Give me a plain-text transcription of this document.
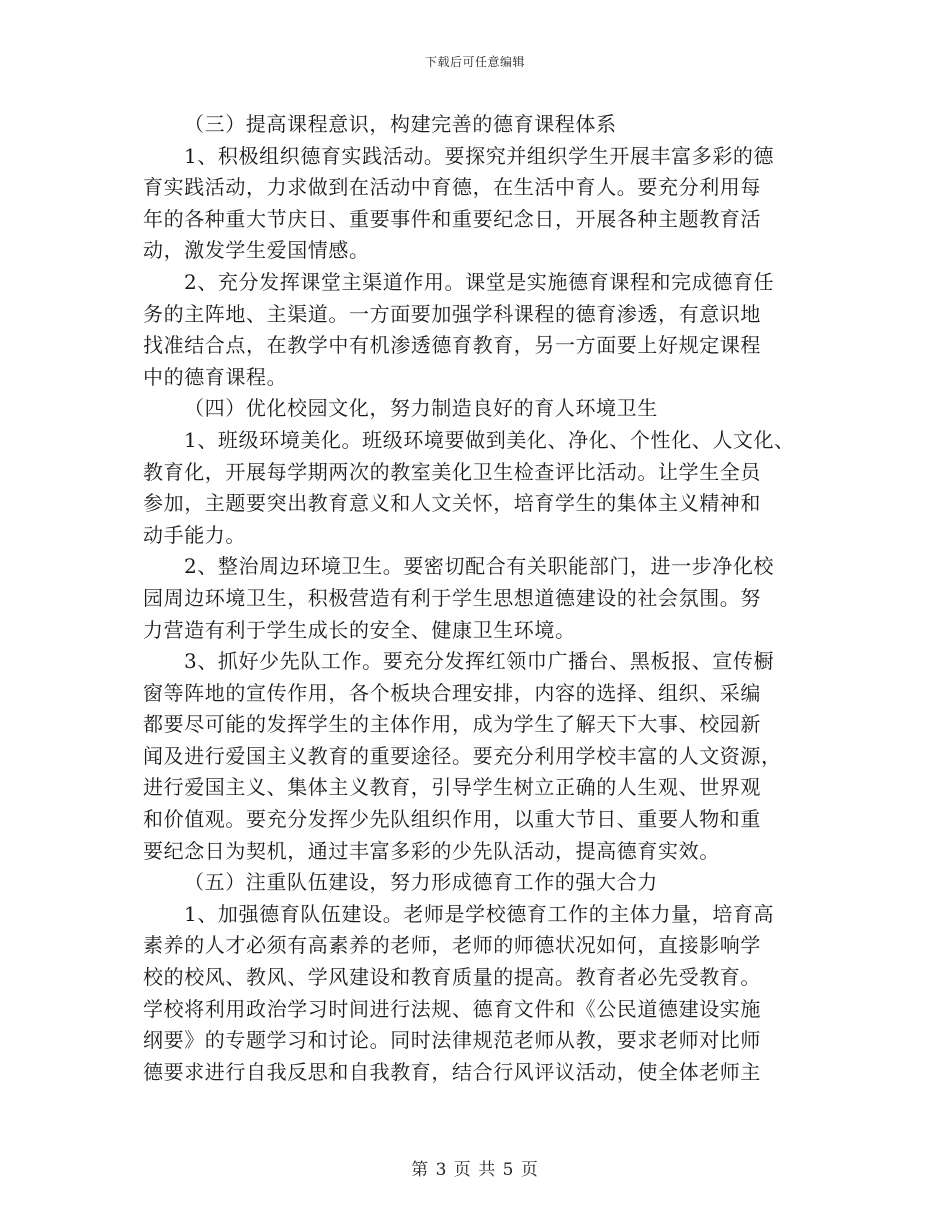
下载后可任意编辑
（三）提高课程意识，构建完善的德育课程体系
1、积极组织德育实践活动。要探究并组织学生开展丰富多彩的德
育实践活动，力求做到在活动中育德，在生活中育人。要充分利用每
年的各种重大节庆日、重要事件和重要纪念日，开展各种主题教育活
动，激发学生爱国情感。
2、充分发挥课堂主渠道作用。课堂是实施德育课程和完成德育任
务的主阵地、主渠道。一方面要加强学科课程的德育渗透，有意识地
找准结合点，在教学中有机渗透德育教育，另一方面要上好规定课程
中的德育课程。
（四）优化校园文化，努力制造良好的育人环境卫生
1、班级环境美化。班级环境要做到美化、净化、个性化、人文化、
教育化，开展每学期两次的教室美化卫生检查评比活动。让学生全员
参加，主题要突出教育意义和人文关怀，培育学生的集体主义精神和
动手能力。
2、整治周边环境卫生。要密切配合有关职能部门，进一步净化校
园周边环境卫生，积极营造有利于学生思想道德建设的社会氛围。努
力营造有利于学生成长的安全、健康卫生环境。
3、抓好少先队工作。要充分发挥红领巾广播台、黑板报、宣传橱
窗等阵地的宣传作用，各个板块合理安排，内容的选择、组织、采编
都要尽可能的发挥学生的主体作用，成为学生了解天下大事、校园新
闻及进行爱国主义教育的重要途径。要充分利用学校丰富的人文资源，
进行爱国主义、集体主义教育，引导学生树立正确的人生观、世界观
和价值观。要充分发挥少先队组织作用，以重大节日、重要人物和重
要纪念日为契机，通过丰富多彩的少先队活动，提高德育实效。
（五）注重队伍建设，努力形成德育工作的强大合力
1、加强德育队伍建设。老师是学校德育工作的主体力量，培育高
素养的人才必须有高素养的老师，老师的师德状况如何，直接影响学
校的校风、教风、学风建设和教育质量的提高。教育者必先受教育。
学校将利用政治学习时间进行法规、德育文件和《公民道德建设实施
纲要》的专题学习和讨论。同时法律规范老师从教，要求老师对比师
德要求进行自我反思和自我教育，结合行风评议活动，使全体老师主
第 3 页 共 5 页
